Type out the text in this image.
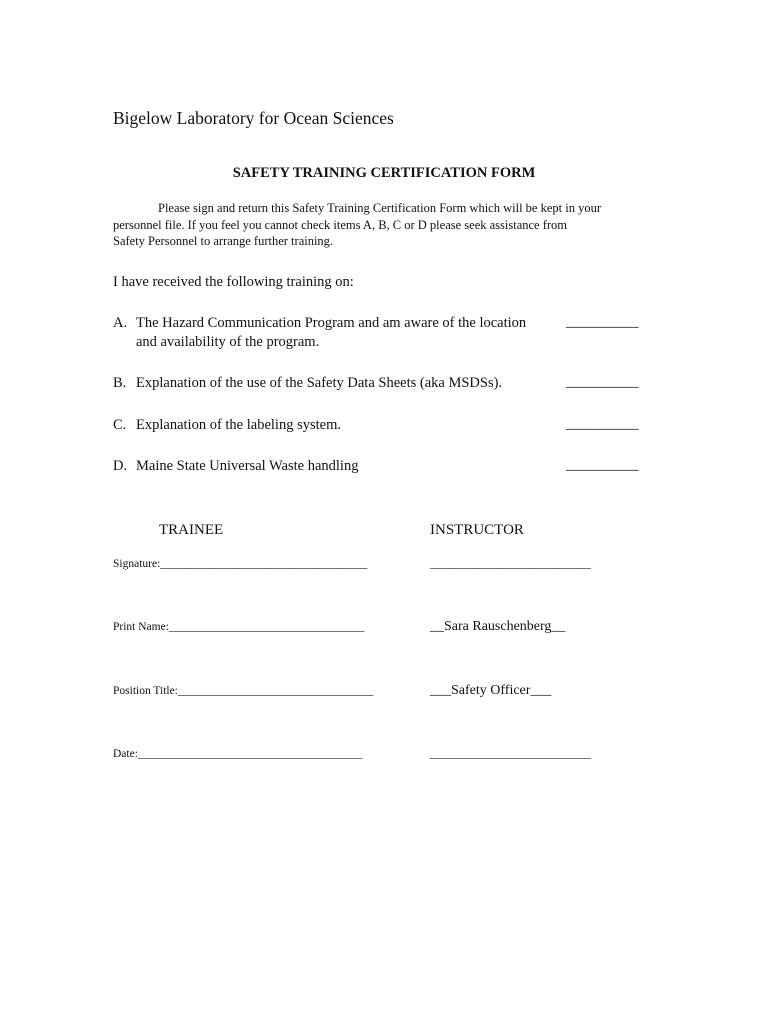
Bigelow Laboratory for Ocean Sciences
SAFETY TRAINING CERTIFICATION FORM
Please sign and return this Safety Training Certification Form which will be kept in your
personnel file. If you feel you cannot check items A, B, C or D please seek assistance from
Safety Personnel to arrange further training.
I have received the following training on:
A. The Hazard Communication Program and am aware of the location
and availability of the program.
__________
B. Explanation of the use of the Safety Data Sheets (aka MSDSs).	__________
C. Explanation of the labeling system.	__________
D. Maine State Universal Waste handling	__________
TRAINEE	INSTRUCTOR
Signature:____________________________________	____________________________
Print Name:__________________________________	__Sara Rauschenberg__
Position Title:__________________________________	___Safety Officer___
Date:_______________________________________	____________________________
